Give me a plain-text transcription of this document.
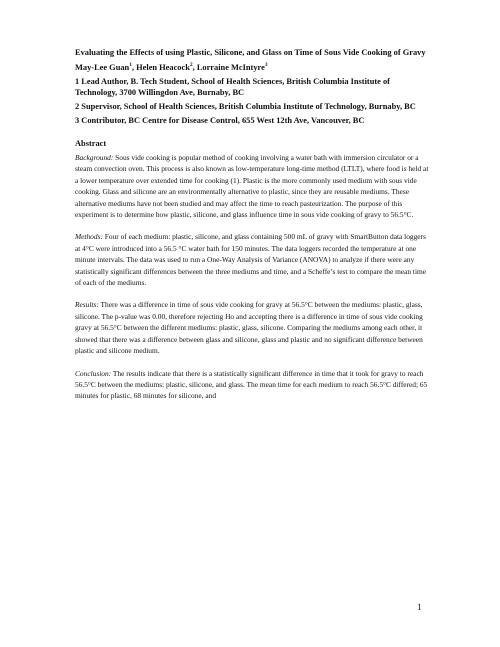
Evaluating the Effects of using Plastic, Silicone, and Glass on Time of Sous Vide Cooking of Gravy
May-Lee Guan$^1$, Helen Heacock$^2$, Lorraine McIntyre$^3$
1 Lead Author, B. Tech Student, School of Health Sciences, British Columbia Institute of Technology, 3700 Willingdon Ave, Burnaby, BC
2 Supervisor, School of Health Sciences, British Columbia Institute of Technology, Burnaby, BC
3 Contributor, BC Centre for Disease Control, 655 West 12th Ave, Vancouver, BC
Abstract

Background: Sous vide cooking is popular method of cooking involving a water bath with immersion circulator or a steam convection oven. This process is also known as low-temperature long-time method (LTLT), where food is held at a lower temperature over extended time for cooking (1). Plastic is the more commonly used medium with sous vide cooking. Glass and silicone are an environmentally alternative to plastic, since they are reusable mediums. These alternative mediums have not been studied and may affect the time to reach pasteurization. The purpose of this experiment is to determine how plastic, silicone, and glass influence time in sous vide cooking of gravy to 56.5°C.

Methods: Four of each medium: plastic, silicone, and glass containing 500 mL of gravy with SmartButton data loggers at 4°C were introduced into a 56.5 °C water bath for 150 minutes. The data loggers recorded the temperature at one minute intervals. The data was used to run a One-Way Analysis of Variance (ANOVA) to analyze if there were any statistically significant differences between the three mediums and time, and a Scheffe’s test to compare the mean time of each of the mediums.

Results: There was a difference in time of sous vide cooking for gravy at 56.5°C between the mediums: plastic, glass, silicone. The p-value was 0.00, therefore rejecting Ho and accepting there is a difference in time of sous vide cooking gravy at 56.5°C between the different mediums: plastic, glass, silicone. Comparing the mediums among each other, it showed that there was a difference between glass and silicone, glass and plastic and no significant difference between plastic and silicone medium.

Conclusion: The results indicate that there is a statistically significant difference in time that it took for gravy to reach 56.5°C between the mediums: plastic, silicone, and glass. The mean time for each medium to reach 56.5°C differed; 65 minutes for plastic, 68 minutes for silicone, and

1
